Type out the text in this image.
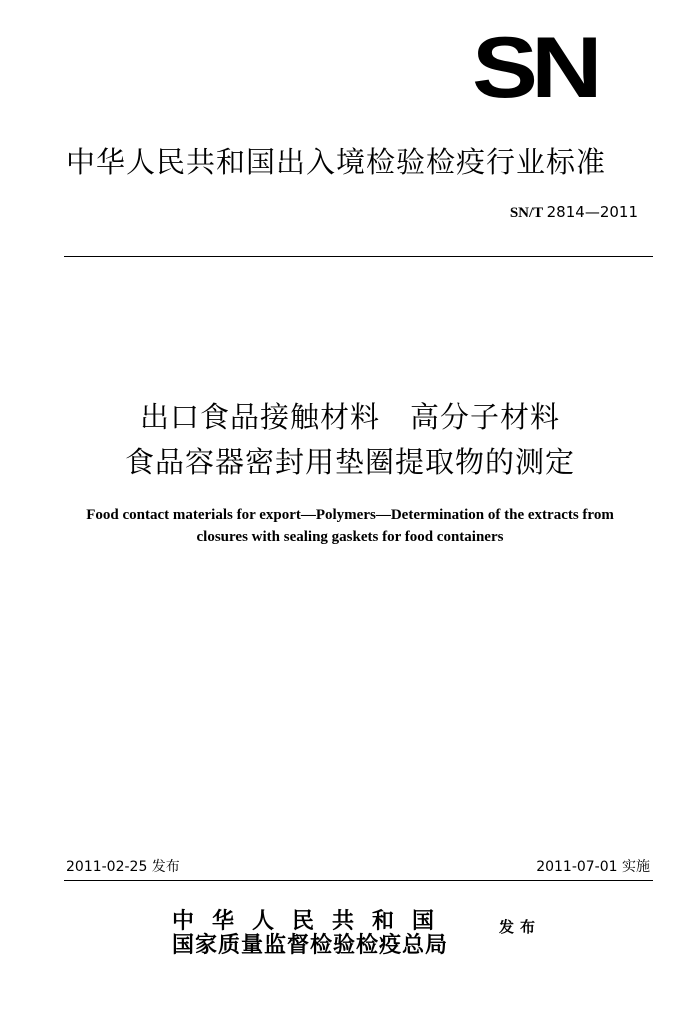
SN
中华人民共和国出入境检验检疫行业标准
SN/T 2814—2011
出口食品接触材料　高分子材料
食品容器密封用垫圈提取物的测定
Food contact materials for export—Polymers—Determination of the extracts from
closures with sealing gaskets for food containers
2011-02-25 发布	2011-07-01 实施
中华人民共和国
国家质量监督检验检疫总局
发布
